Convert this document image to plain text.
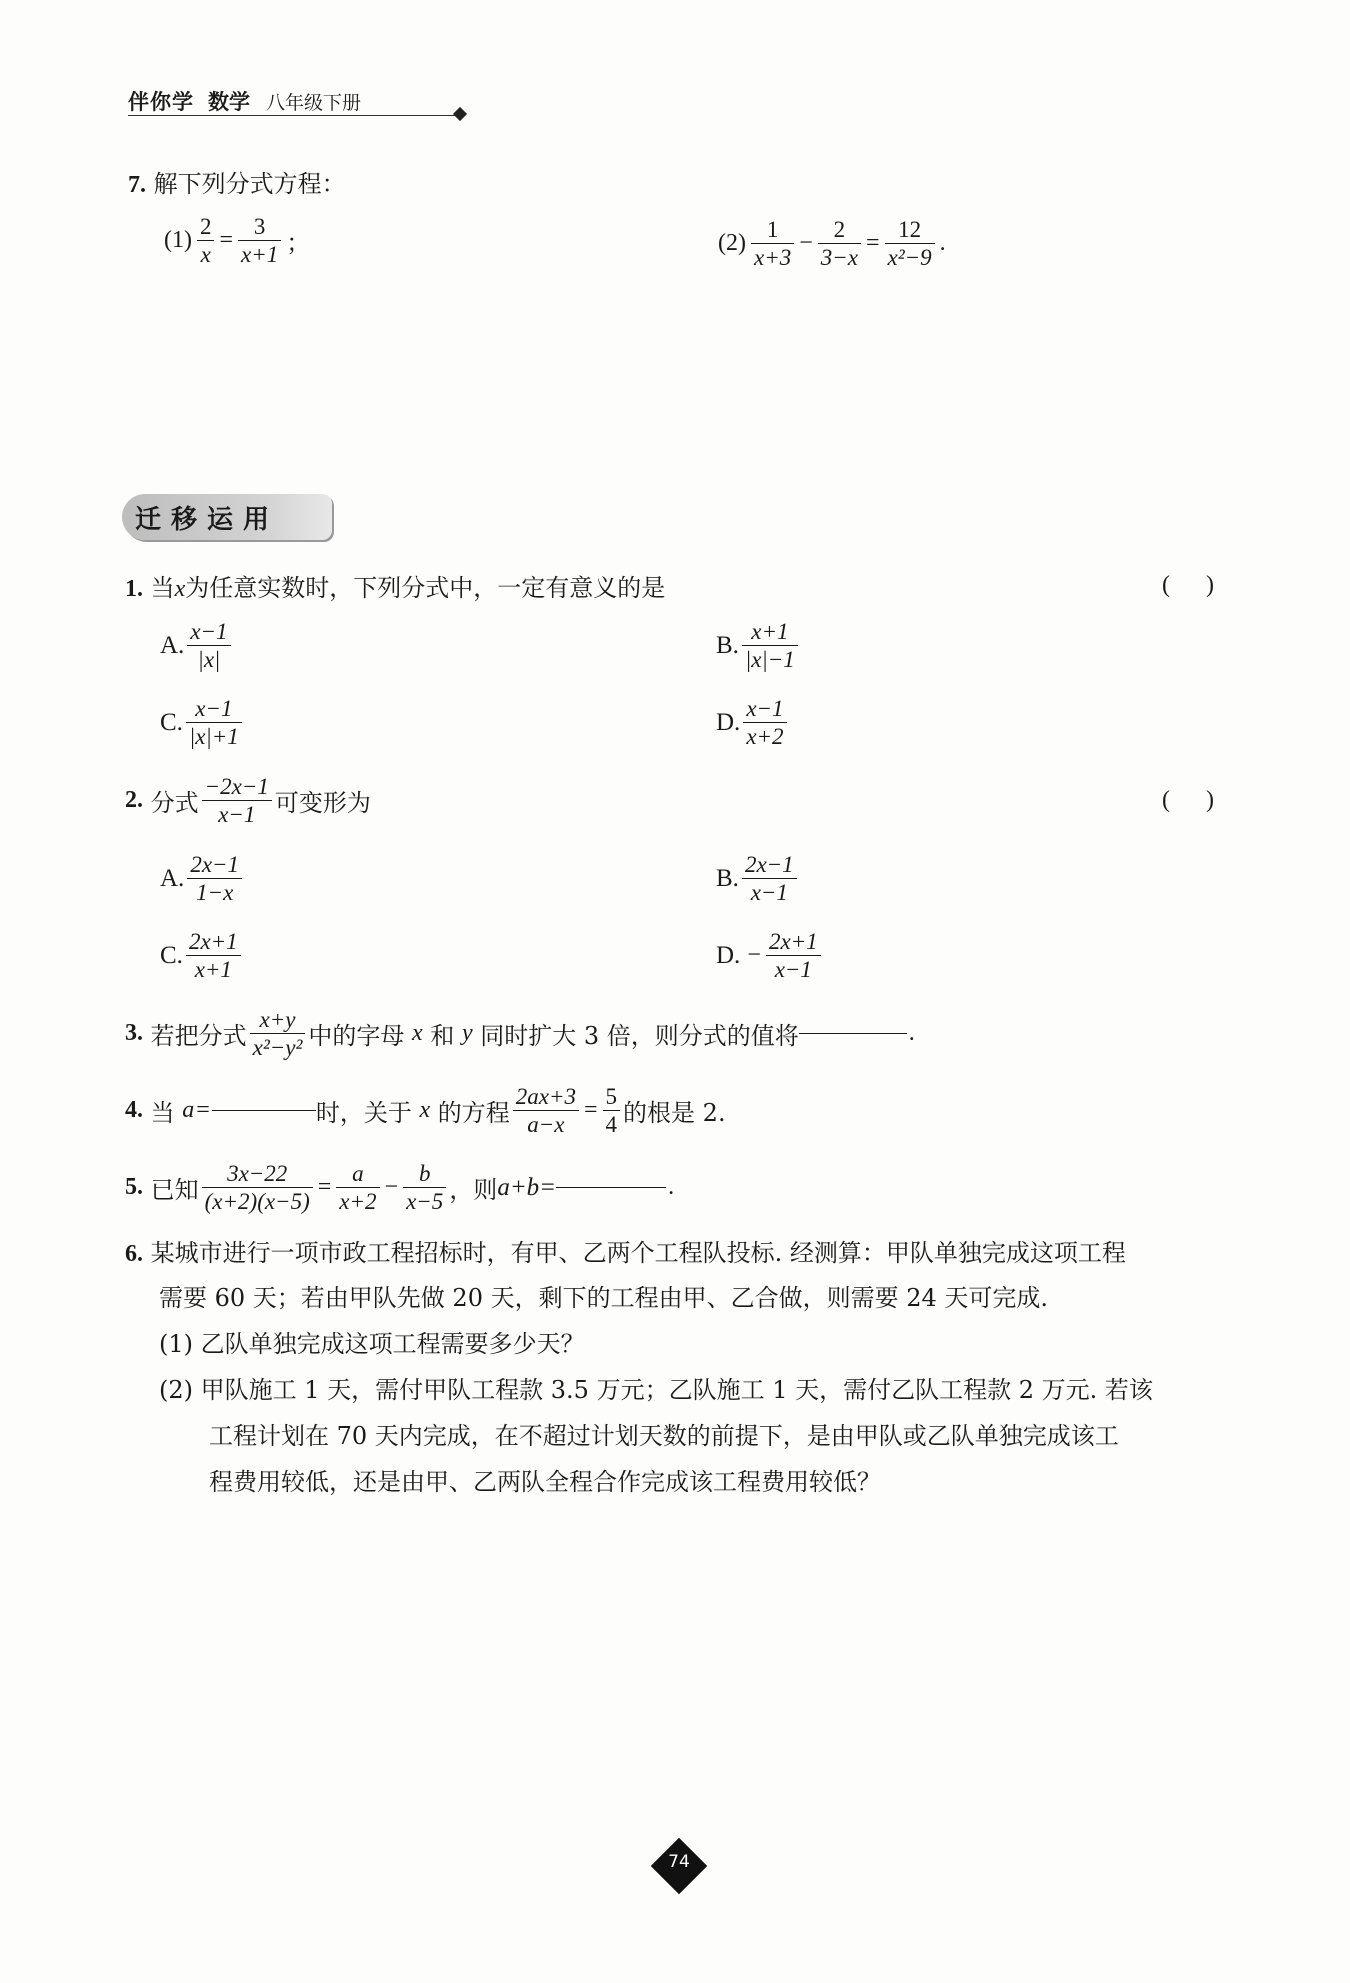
伴你学 数学 八年级下册
7. 解下列分式方程：
$(1) \frac{2}{x} = \frac{3}{x+1}$ ；	$(2) \frac{1}{x+3} - \frac{2}{3-x} = \frac{12}{\text{x²−9}}$ .
迁移运用
1. 当x为任意实数时，下列分式中，一定有意义的是	(      )
A. $\frac{x-1}{|x|}$	B. $\frac{x+1}{|x|-1}$
C. $\frac{x-1}{|x|+1}$	D. $\frac{x-1}{x+2}$
2.
分式 $\frac{-2x-1}{x-1}$ 可变形为	(      )
A. $\frac{2x-1}{1-x}$	B. $\frac{2x-1}{x-1}$
C. $\frac{2x+1}{x+1}$	D.
− $\frac{2x+1}{x-1}$
3.
若把分式 $\frac{x+y}{\text{x²−y²}}$ 中的字母
x
和
y
同时扩大 3 倍，则分式的值将	.
4.
当
a =	时，关于
x
的方程 $\frac{2ax+3}{a-x} = \frac{5}{4}$ 的根是 2.
5.
已知 $\frac{3x-22}{(x+2)(x-5)} = \frac{a}{x+2} - \frac{b}{x-5}$ ，则 a+b=	.
6. 某城市进行一项市政工程招标时，有甲、乙两个工程队投标. 经测算：甲队单独完成这项工程
需要 60 天；若由甲队先做 20 天，剩下的工程由甲、乙合做，则需要 24 天可完成.
(1) 乙队单独完成这项工程需要多少天？
(2) 甲队施工 1 天，需付甲队工程款 3.5 万元；乙队施工 1 天，需付乙队工程款 2 万元. 若该
工程计划在 70 天内完成，在不超过计划天数的前提下，是由甲队或乙队单独完成该工
程费用较低，还是由甲、乙两队全程合作完成该工程费用较低？
74
